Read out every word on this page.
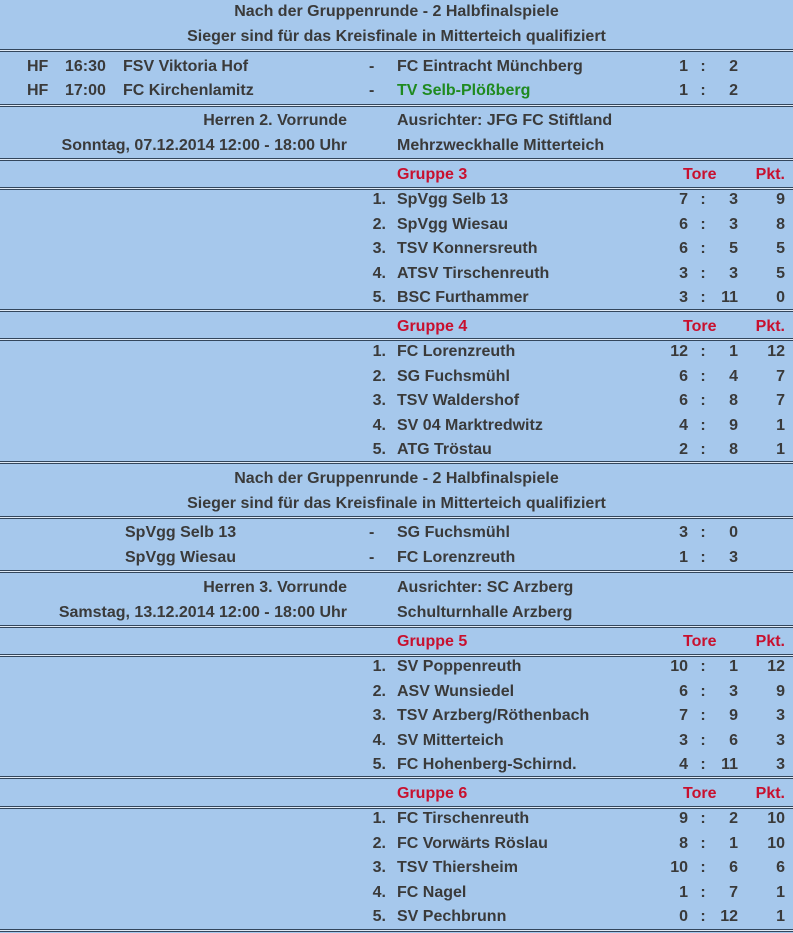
Nach der Gruppenrunde - 2 Halbfinalspiele
Sieger sind für das Kreisfinale in Mitterteich qualifiziert
HF 16:30 FSV Viktoria Hof	- FC Eintracht Münchberg	1 :	2
HF 17:00 FC Kirchenlamitz	- TV Selb-Plößberg	1 :	2
Herren 2. Vorrunde	Ausrichter: JFG FC Stiftland
Sonntag, 07.12.2014 12:00 - 18:00 Uhr	Mehrzweckhalle Mitterteich
Gruppe 3	Tore	Pkt.
1. SpVgg Selb 13	7 :	3	9
2. SpVgg Wiesau	6 :	3	8
3. TSV Konnersreuth	6 :	5	5
4. ATSV Tirschenreuth	3 :	3	5
5. BSC Furthammer	3 : 11	0
Gruppe 4	Tore	Pkt.
1. FC Lorenzreuth	12 :	1	12
2. SG Fuchsmühl	6 :	4	7
3. TSV Waldershof	6 :	8	7
4. SV 04 Marktredwitz	4 :	9	1
5. ATG Tröstau	2 :	8	1
Nach der Gruppenrunde - 2 Halbfinalspiele
Sieger sind für das Kreisfinale in Mitterteich qualifiziert
SpVgg Selb 13	- SG Fuchsmühl	3 :	0
SpVgg Wiesau	- FC Lorenzreuth	1 :	3
Herren 3. Vorrunde	Ausrichter: SC Arzberg
Samstag, 13.12.2014 12:00 - 18:00 Uhr	Schulturnhalle Arzberg
Gruppe 5	Tore	Pkt.
1. SV Poppenreuth	10 :	1	12
2. ASV Wunsiedel	6 :	3	9
3. TSV Arzberg/Röthenbach	7 :	9	3
4. SV Mitterteich	3 :	6	3
5. FC Hohenberg-Schirnd.	4 : 11	3
Gruppe 6	Tore	Pkt.
1. FC Tirschenreuth	9 :	2	10
2. FC Vorwärts Röslau	8 :	1	10
3. TSV Thiersheim	10 :	6	6
4. FC Nagel	1 :	7	1
5. SV Pechbrunn	0 : 12	1
